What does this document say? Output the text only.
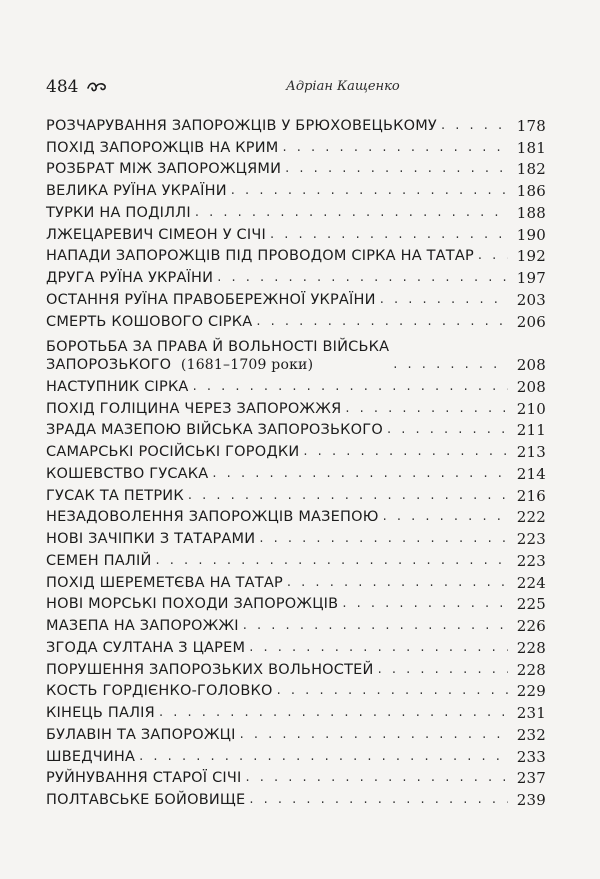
484	Адріан Кащенко
РОЗЧАРУВАННЯ ЗАПОРОЖЦІВ У БРЮХОВЕЦЬКОМУ . . .	178
ПОХІД ЗАПОРОЖЦІВ НА КРИМ . . .	181
РОЗБРАТ МІЖ ЗАПОРОЖЦЯМИ . . .	182
ВЕЛИКА РУЇНА УКРАЇНИ . . .	186
ТУРКИ НА ПОДІЛЛІ . . .	188
ЛЖЕЦАРЕВИЧ СІМЕОН У СІЧІ . . .	190
НАПАДИ ЗАПОРОЖЦІВ ПІД ПРОВОДОМ СІРКА НА ТАТАР . . .	192
ДРУГА РУЇНА УКРАЇНИ . . .	197
ОСТАННЯ РУЇНА ПРАВОБЕРЕЖНОЇ УКРАЇНИ . . .	203
СМЕРТЬ КОШОВОГО СІРКА . . .	206
БОРОТЬБА ЗА ПРАВА Й ВОЛЬНОСТІ ВІЙСЬКА
ЗАПОРОЗЬКОГО (1681–1709 роки) . . .	208
НАСТУПНИК СІРКА . . .	208
ПОХІД ГОЛІЦИНА ЧЕРЕЗ ЗАПОРОЖЖЯ . . .	210
ЗРАДА МАЗЕПОЮ ВІЙСЬКА ЗАПОРОЗЬКОГО . . .	211
САМАРСЬКІ РОСІЙСЬКІ ГОРОДКИ . . .	213
КОШЕВСТВО ГУСАКА . . .	214
ГУСАК ТА ПЕТРИК . . .	216
НЕЗАДОВОЛЕННЯ ЗАПОРОЖЦІВ МАЗЕПОЮ . . .	222
НОВІ ЗАЧІПКИ З ТАТАРАМИ . . .	223
СЕМЕН ПАЛІЙ . . .	223
ПОХІД ШЕРЕМЕТЄВА НА ТАТАР . . .	224
НОВІ МОРСЬКІ ПОХОДИ ЗАПОРОЖЦІВ . . .	225
МАЗЕПА НА ЗАПОРОЖЖІ . . .	226
ЗГОДА СУЛТАНА З ЦАРЕМ . . .	228
ПОРУШЕННЯ ЗАПОРОЗЬКИХ ВОЛЬНОСТЕЙ . . .	228
КОСТЬ ГОРДІЄНКО-ГОЛОВКО . . .	229
КІНЕЦЬ ПАЛІЯ . . .	231
БУЛАВІН ТА ЗАПОРОЖЦІ . . .	232
ШВЕДЧИНА . . .	233
РУЙНУВАННЯ СТАРОЇ СІЧІ . . .	237
ПОЛТАВСЬКЕ БОЙОВИЩЕ . . .	239
